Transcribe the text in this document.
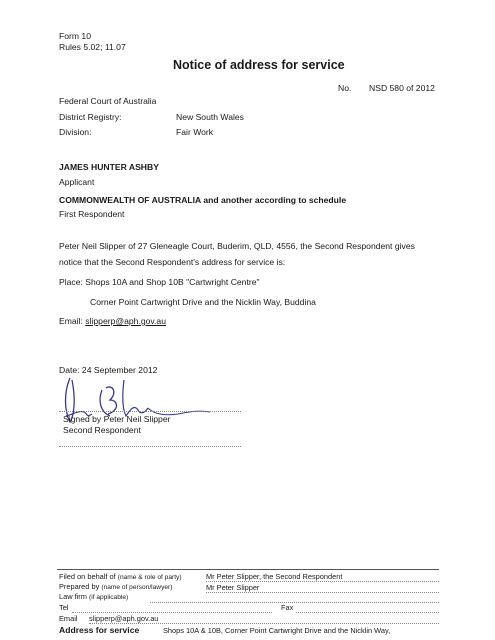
Form 10
Rules 5.02; 11.07
Notice of address for service
No. NSD 580 of 2012
Federal Court of Australia
District Registry:	New South Wales
Division:	Fair Work
JAMES HUNTER ASHBY
Applicant
COMMONWEALTH OF AUSTRALIA and another according to schedule
First Respondent
Peter Neil Slipper of 27 Gleneagle Court, Buderim, QLD, 4556, the Second Respondent gives
notice that the Second Respondent's address for service is:
Place: Shops 10A and Shop 10B "Cartwright Centre"
Corner Point Cartwright Drive and the Nicklin Way, Buddina
Email: slipperp@aph.gov.au
Date: 24 September 2012
Signed by Peter Neil Slipper
Second Respondent
Filed on behalf of (name & role of party)	Mr Peter Slipper, the Second Respondent
Prepared by (name of person/lawyer)	Mr Peter Slipper
Law firm (if applicable)
Tel	Fax
Email slipperp@aph.gov.au
Address for service	Shops 10A & 10B, Corner Point Cartwright Drive and the Nicklin Way,
